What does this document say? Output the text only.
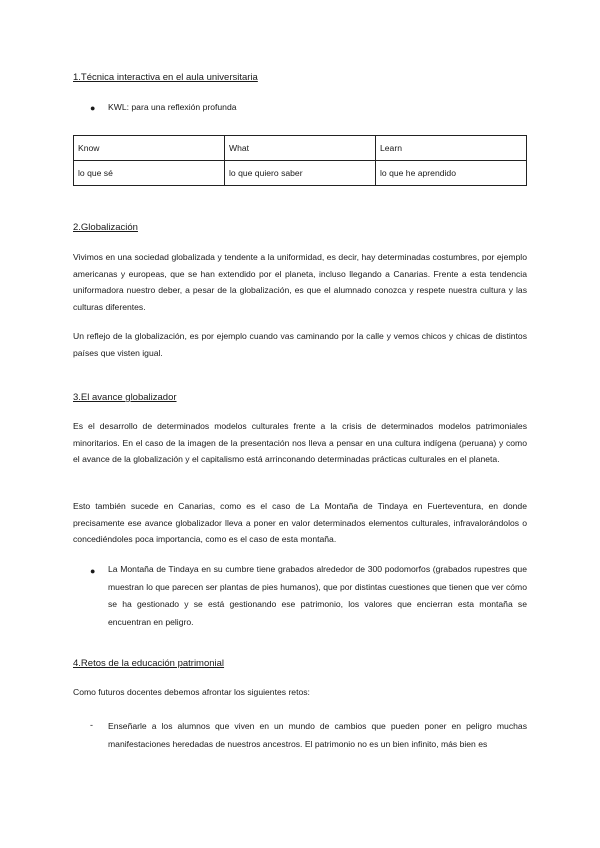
1.Técnica interactiva en el aula universitaria
● KWL: para una reflexión profunda
Know	What	Learn
lo que sé	lo que quiero saber	lo que he aprendido
2.Globalización
Vivimos en una sociedad globalizada y tendente a la uniformidad, es decir, hay determinadas costumbres, por ejemplo americanas y europeas, que se han extendido por el planeta, incluso llegando a Canarias. Frente a esta tendencia uniformadora nuestro deber, a pesar de la globalización, es que el alumnado conozca y respete nuestra cultura y las culturas diferentes.
Un reflejo de la globalización, es por ejemplo cuando vas caminando por la calle y vemos chicos y chicas de distintos países que visten igual.
3.El avance globalizador
Es el desarrollo de determinados modelos culturales frente a la crisis de determinados modelos patrimoniales minoritarios. En el caso de la imagen de la presentación nos lleva a pensar en una cultura indígena (peruana) y como el avance de la globalización y el capitalismo está arrinconando determinadas prácticas culturales en el planeta.
Esto también sucede en Canarias, como es el caso de La Montaña de Tindaya en Fuerteventura, en donde precisamente ese avance globalizador lleva a poner en valor determinados elementos culturales, infravalorándolos o concediéndoles poca importancia, como es el caso de esta montaña.
● La Montaña de Tindaya en su cumbre tiene grabados alrededor de 300 podomorfos (grabados rupestres que muestran lo que parecen ser plantas de pies humanos), que por distintas cuestiones que tienen que ver cómo se ha gestionado y se está gestionando ese patrimonio, los valores que encierran esta montaña se encuentran en peligro.
4.Retos de la educación patrimonial
Como futuros docentes debemos afrontar los siguientes retos:
- Enseñarle a los alumnos que viven en un mundo de cambios que pueden poner en peligro muchas manifestaciones heredadas de nuestros ancestros. El patrimonio no es un bien infinito, más bien es
